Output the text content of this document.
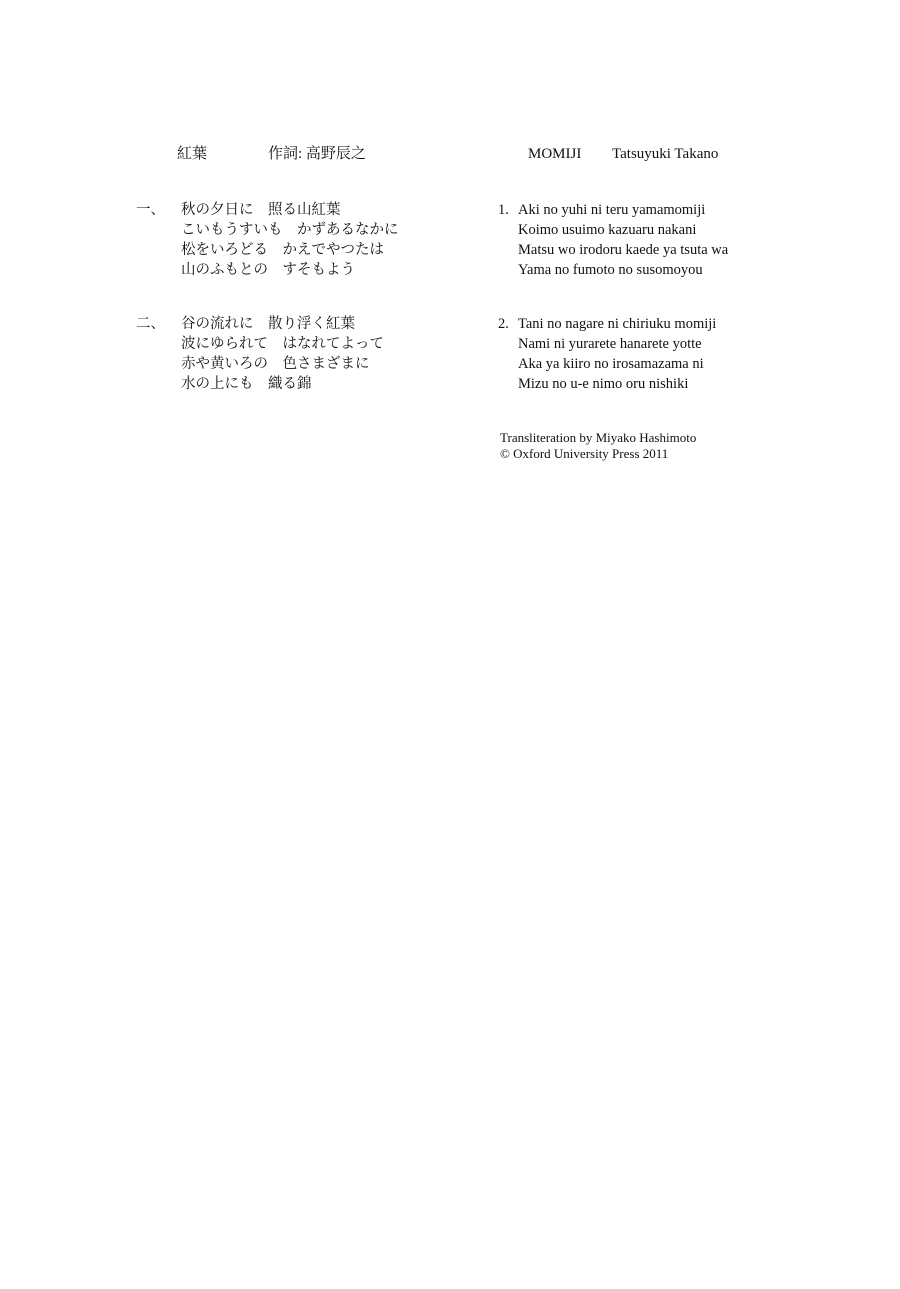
紅葉	作詞: 高野辰之
一、 秋の夕日に　照る山紅葉
こいもうすいも　かずあるなかに
松をいろどる　かえでやつたは
山のふもとの　すそもよう
二、 谷の流れに　散り浮く紅葉
波にゆられて　はなれてよって
赤や黄いろの　色さまざまに
水の上にも　織る錦
MOMIJI Tatsuyuki Takano
1. Aki no yuhi ni teru yamamomiji
Koimo usuimo kazuaru nakani
Matsu wo irodoru kaede ya tsuta wa
Yama no fumoto no susomoyou
2. Tani no nagare ni chiriuku momiji
Nami ni yurarete hanarete yotte
Aka ya kiiro no irosamazama ni
Mizu no u-e nimo oru nishiki
Transliteration by Miyako Hashimoto
© Oxford University Press 2011
